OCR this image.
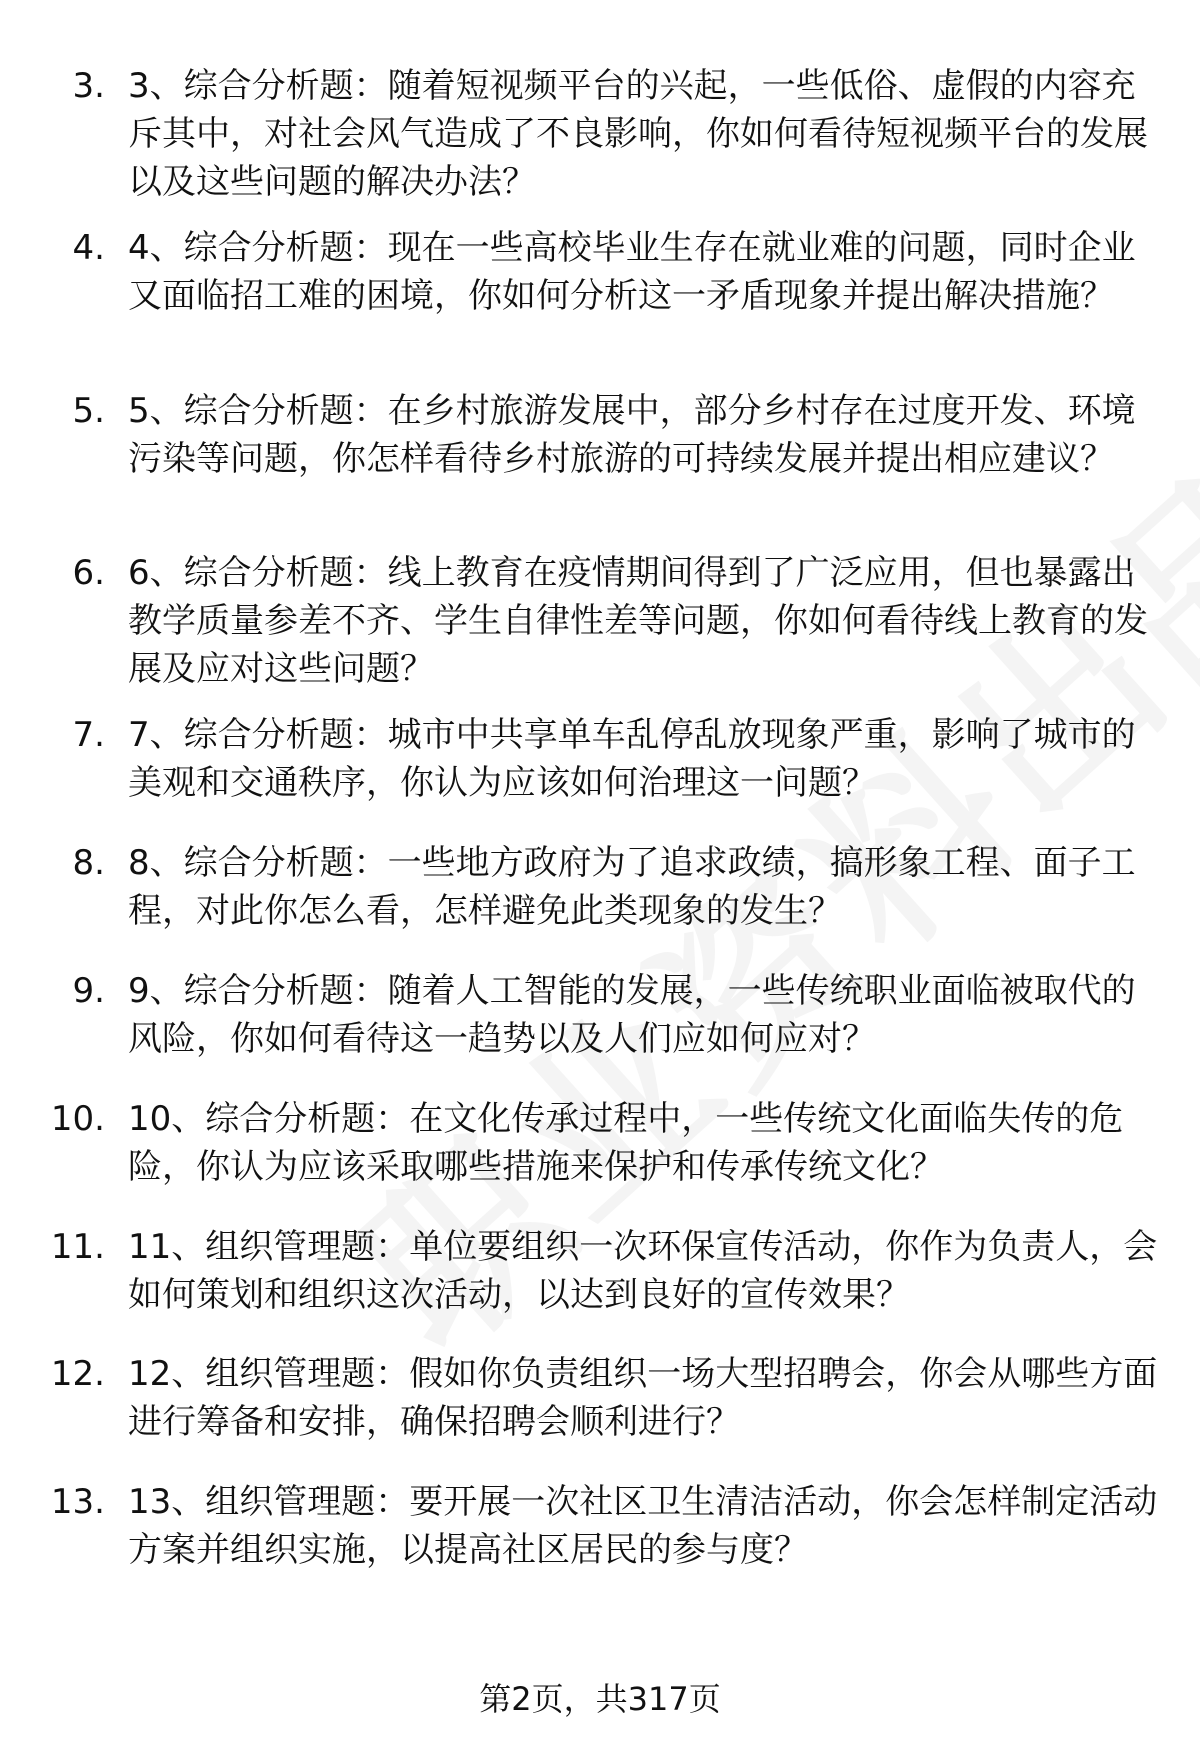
3. 3、综合分析题：随着短视频平台的兴起，一些低俗、虚假的内容充斥其中，对社会风气造成了不良影响，你如何看待短视频平台的发展以及这些问题的解决办法？
4. 4、综合分析题：现在一些高校毕业生存在就业难的问题，同时企业又面临招工难的困境，你如何分析这一矛盾现象并提出解决措施？
5. 5、综合分析题：在乡村旅游发展中，部分乡村存在过度开发、环境污染等问题，你怎样看待乡村旅游的可持续发展并提出相应建议？
6. 6、综合分析题：线上教育在疫情期间得到了广泛应用，但也暴露出教学质量参差不齐、学生自律性差等问题，你如何看待线上教育的发展及应对这些问题？
7. 7、综合分析题：城市中共享单车乱停乱放现象严重，影响了城市的美观和交通秩序，你认为应该如何治理这一问题？
8. 8、综合分析题：一些地方政府为了追求政绩，搞形象工程、面子工程，对此你怎么看，怎样避免此类现象的发生？
9. 9、综合分析题：随着人工智能的发展，一些传统职业面临被取代的风险，你如何看待这一趋势以及人们应如何应对？
10. 10、综合分析题：在文化传承过程中，一些传统文化面临失传的危险，你认为应该采取哪些措施来保护和传承传统文化？
11. 11、组织管理题：单位要组织一次环保宣传活动，你作为负责人，会如何策划和组织这次活动，以达到良好的宣传效果？
12. 12、组织管理题：假如你负责组织一场大型招聘会，你会从哪些方面进行筹备和安排，确保招聘会顺利进行？
13. 13、组织管理题：要开展一次社区卫生清洁活动，你会怎样制定活动方案并组织实施，以提高社区居民的参与度？
第2页，共317页
